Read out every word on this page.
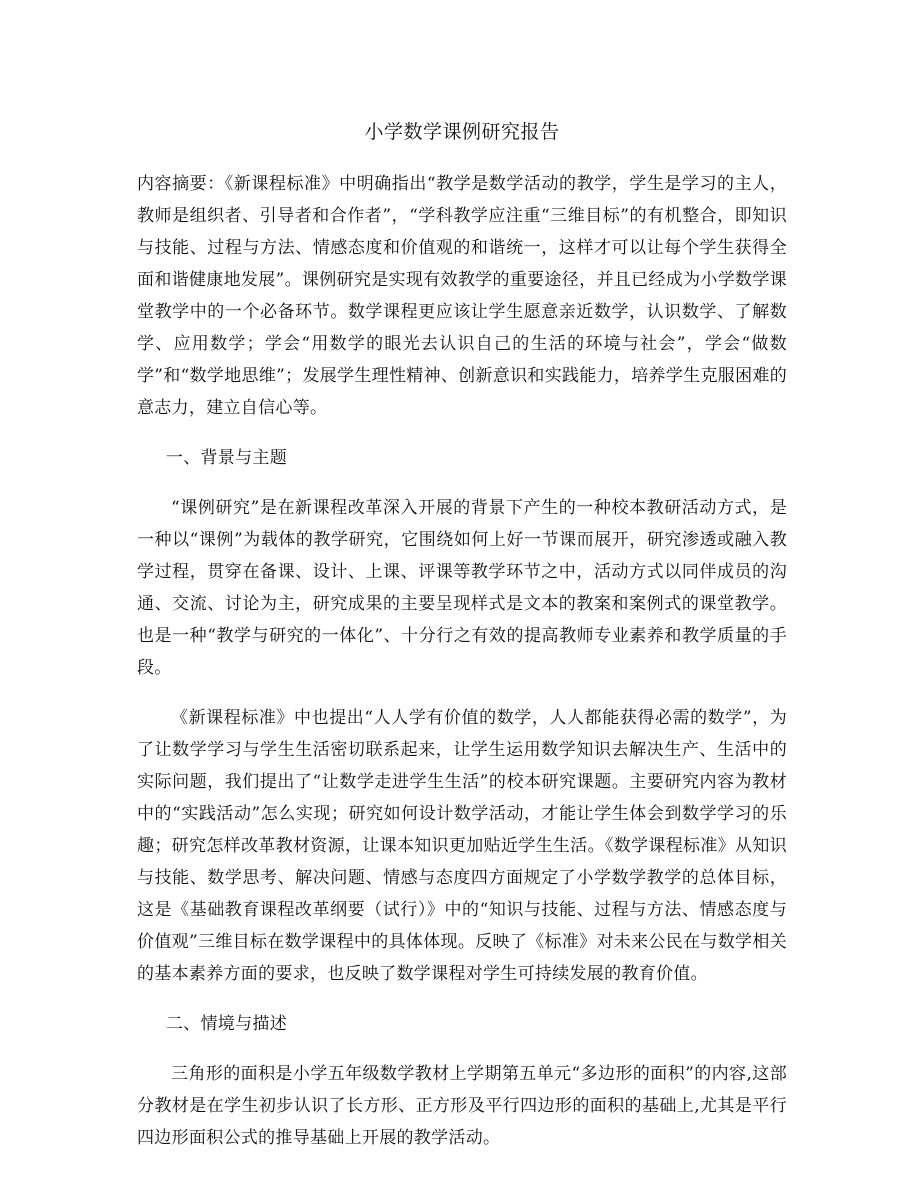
小学数学课例研究报告

内容摘要：《新课程标准》中明确指出“教学是数学活动的教学，学生是学习的主人，教师是组织者、引导者和合作者”，“学科教学应注重“三维目标”的有机整合，即知识与技能、过程与方法、情感态度和价值观的和谐统一，这样才可以让每个学生获得全面和谐健康地发展”。课例研究是实现有效教学的重要途径，并且已经成为小学数学课堂教学中的一个必备环节。数学课程更应该让学生愿意亲近数学，认识数学、了解数学、应用数学；学会“用数学的眼光去认识自己的生活的环境与社会”，学会“做数学”和“数学地思维”；发展学生理性精神、创新意识和实践能力，培养学生克服困难的意志力，建立自信心等。

一、背景与主题

“课例研究”是在新课程改革深入开展的背景下产生的一种校本教研活动方式，是一种以“课例”为载体的教学研究，它围绕如何上好一节课而展开，研究渗透或融入教学过程，贯穿在备课、设计、上课、评课等教学环节之中，活动方式以同伴成员的沟通、交流、讨论为主，研究成果的主要呈现样式是文本的教案和案例式的课堂教学。也是一种“教学与研究的一体化”、十分行之有效的提高教师专业素养和教学质量的手段。

《新课程标准》中也提出“人人学有价值的数学，人人都能获得必需的数学”，为了让数学学习与学生生活密切联系起来，让学生运用数学知识去解决生产、生活中的实际问题，我们提出了“让数学走进学生生活”的校本研究课题。主要研究内容为教材中的“实践活动”怎么实现；研究如何设计数学活动，才能让学生体会到数学学习的乐趣；研究怎样改革教材资源，让课本知识更加贴近学生生活。《数学课程标准》从知识与技能、数学思考、解决问题、情感与态度四方面规定了小学数学教学的总体目标，这是《基础教育课程改革纲要（试行）》中的“知识与技能、过程与方法、情感态度与价值观”三维目标在数学课程中的具体体现。反映了《标准》对未来公民在与数学相关的基本素养方面的要求，也反映了数学课程对学生可持续发展的教育价值。

二、情境与描述

三角形的面积是小学五年级数学教材上学期第五单元“多边形的面积”的内容,这部分教材是在学生初步认识了长方形、正方形及平行四边形的面积的基础上,尤其是平行四边形面积公式的推导基础上开展的教学活动。
